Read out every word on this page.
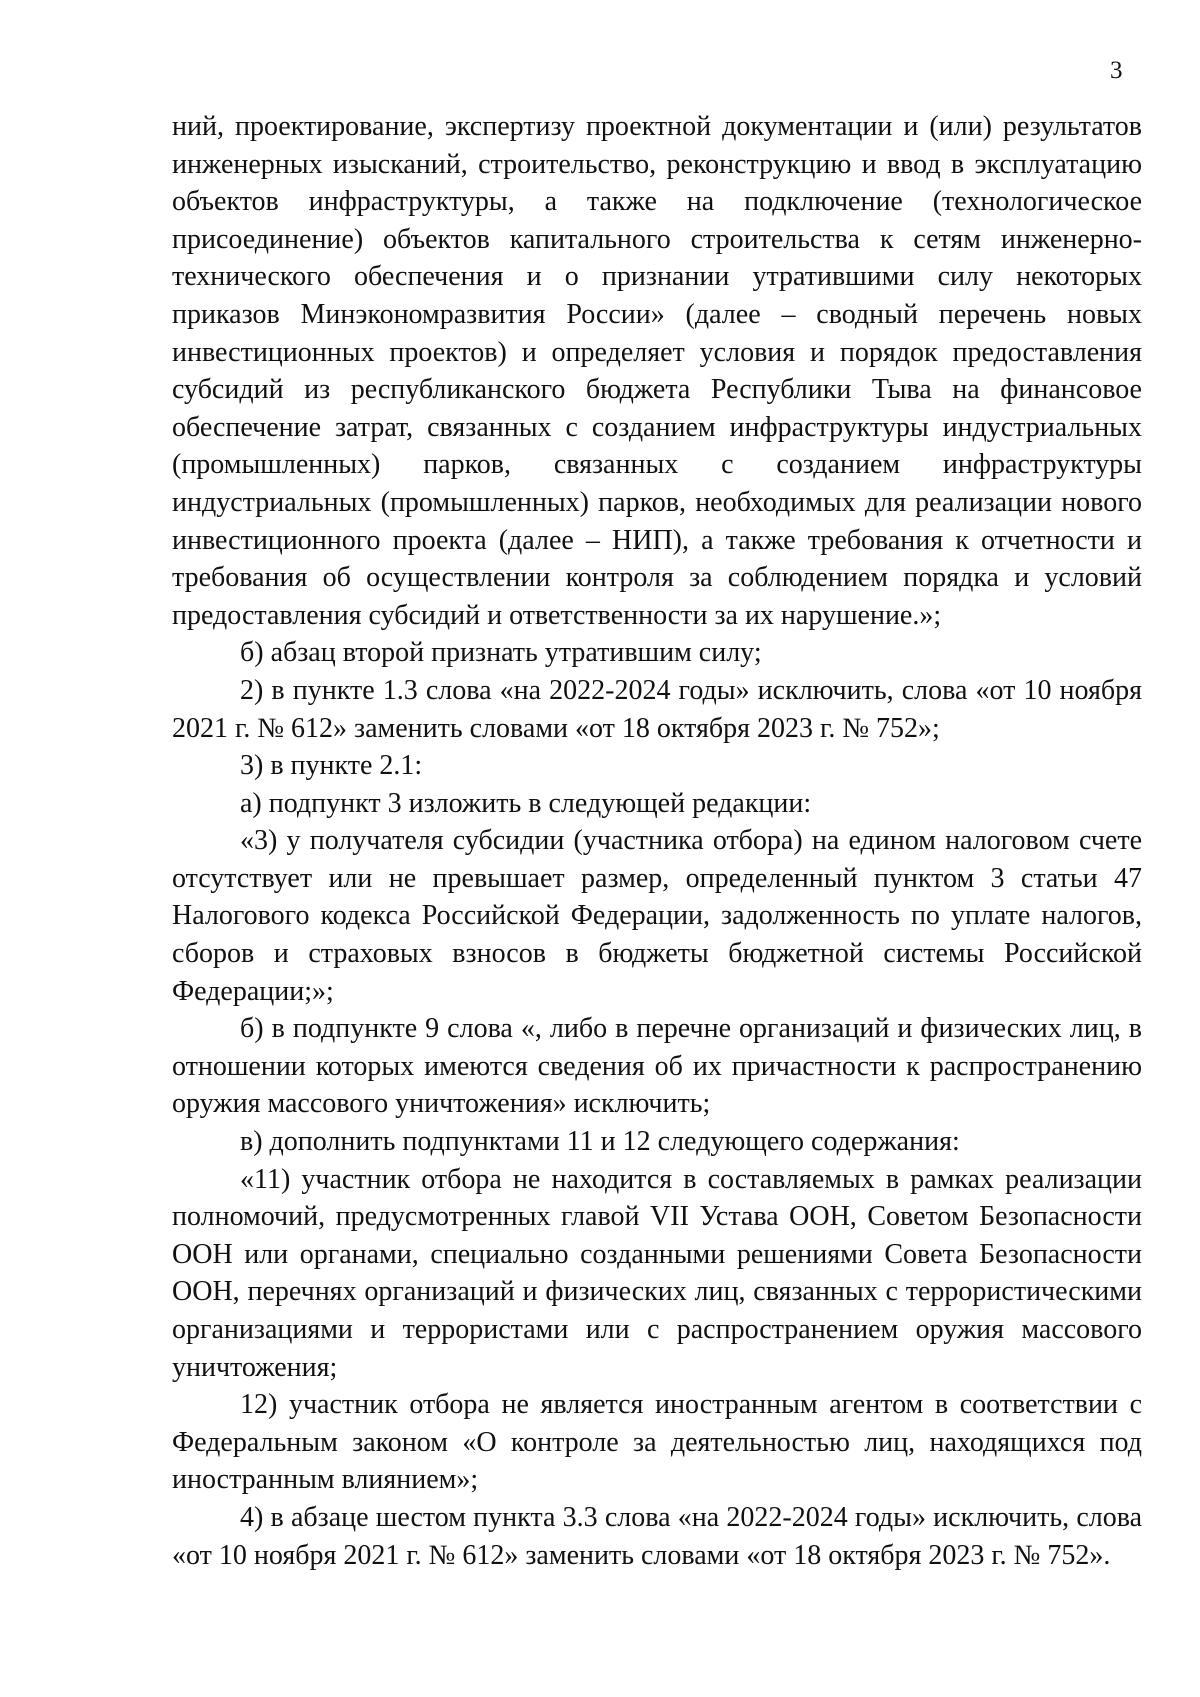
3

ний, проектирование, экспертизу проектной документации и (или) результатов инженерных изысканий, строительство, реконструкцию и ввод в эксплуатацию объектов инфраструктуры, а также на подключение (технологическое присоединение) объектов капитального строительства к сетям инженерно-технического обеспечения и о признании утратившими силу некоторых приказов Минэкономразвития России» (далее – сводный перечень новых инвестиционных проектов) и определяет условия и порядок предоставления субсидий из республиканского бюджета Республики Тыва на финансовое обеспечение затрат, связанных с созданием инфраструктуры индустриальных (промышленных) парков, связанных с созданием инфраструктуры индустриальных (промышленных) парков, необходимых для реализации нового инвестиционного проекта (далее – НИП), а также требования к отчетности и требования об осуществлении контроля за соблюдением порядка и условий предоставления субсидий и ответственности за их нарушение.»;

б) абзац второй признать утратившим силу;

2) в пункте 1.3 слова «на 2022-2024 годы» исключить, слова «от 10 ноября 2021 г. № 612» заменить словами «от 18 октября 2023 г. № 752»;

3) в пункте 2.1:

а) подпункт 3 изложить в следующей редакции:

«3) у получателя субсидии (участника отбора) на едином налоговом счете отсутствует или не превышает размер, определенный пунктом 3 статьи 47 Налогового кодекса Российской Федерации, задолженность по уплате налогов, сборов и страховых взносов в бюджеты бюджетной системы Российской Федерации;»;

б) в подпункте 9 слова «, либо в перечне организаций и физических лиц, в отношении которых имеются сведения об их причастности к распространению оружия массового уничтожения» исключить;

в) дополнить подпунктами 11 и 12 следующего содержания:

«11) участник отбора не находится в составляемых в рамках реализации полномочий, предусмотренных главой VII Устава ООН, Советом Безопасности ООН или органами, специально созданными решениями Совета Безопасности ООН, перечнях организаций и физических лиц, связанных с террористическими организациями и террористами или с распространением оружия массового уничтожения;

12) участник отбора не является иностранным агентом в соответствии с Федеральным законом «О контроле за деятельностью лиц, находящихся под иностранным влиянием»;

4) в абзаце шестом пункта 3.3 слова «на 2022-2024 годы» исключить, слова «от 10 ноября 2021 г. № 612» заменить словами «от 18 октября 2023 г. № 752».
